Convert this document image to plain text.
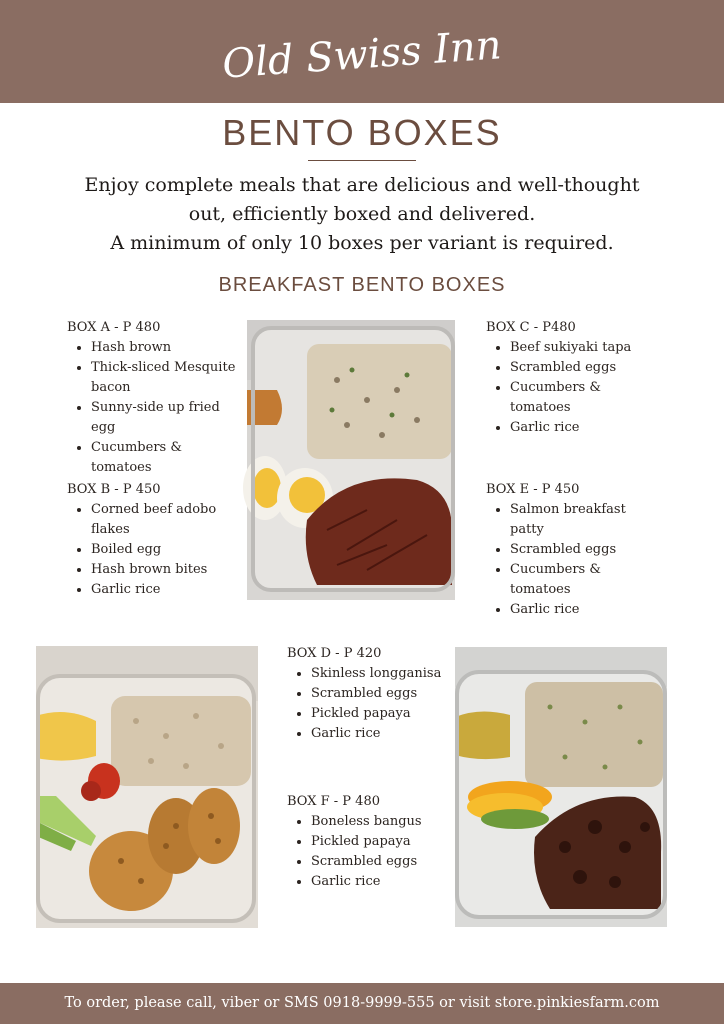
Old Swiss Inn
BENTO BOXES
Enjoy complete meals that are delicious and well-thought
out, efficiently boxed and delivered.
A minimum of only 10 boxes per variant is required.
BREAKFAST BENTO BOXES
BOX A - P 480
• Hash brown
• Thick-sliced Mesquite bacon
• Sunny-side up fried egg
• Cucumbers & tomatoes
BOX B - P 450
• Corned beef adobo flakes
• Boiled egg
• Hash brown bites
• Garlic rice
BOX C - P480
• Beef sukiyaki tapa
• Scrambled eggs
• Cucumbers & tomatoes
• Garlic rice
BOX E - P 450
• Salmon breakfast patty
• Scrambled eggs
• Cucumbers & tomatoes
• Garlic rice
BOX D - P 420
• Skinless longganisa
• Scrambled eggs
• Pickled papaya
• Garlic rice
BOX F - P 480
• Boneless bangus
• Pickled papaya
• Scrambled eggs
• Garlic rice
To order, please call, viber or SMS 0918-9999-555 or visit store.pinkiesfarm.com
